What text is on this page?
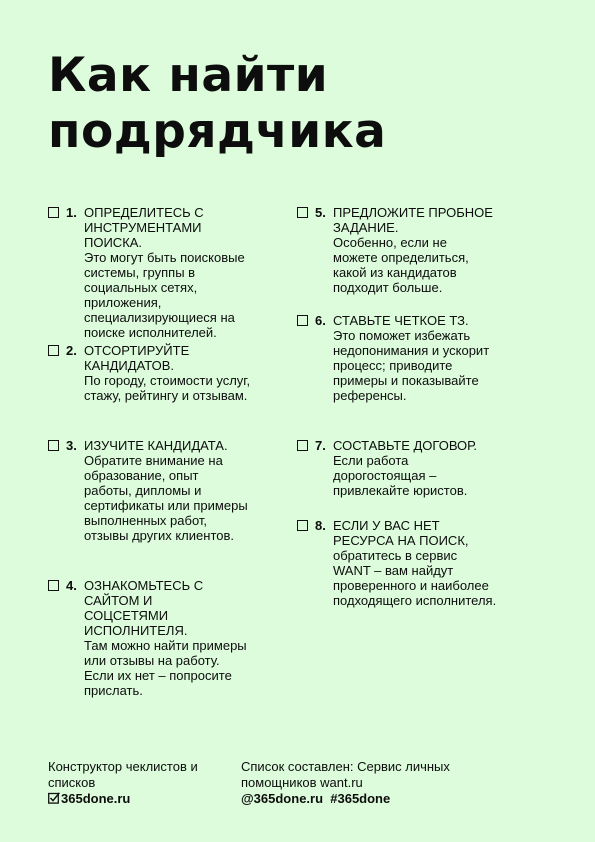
Как найти
подрядчика
1. ОПРЕДЕЛИТЕСЬ С ИНСТРУМЕНТАМИ ПОИСКА.
Это могут быть поисковые системы, группы в социальных сетях, приложения, специализирующиеся на поиске исполнителей.
2. ОТСОРТИРУЙТЕ КАНДИДАТОВ.
По городу, стоимости услуг, стажу, рейтингу и отзывам.
3. ИЗУЧИТЕ КАНДИДАТА.
Обратите внимание на образование, опыт работы, дипломы и сертификаты или примеры выполненных работ, отзывы других клиентов.
4. ОЗНАКОМЬТЕСЬ С САЙТОМ И СОЦСЕТЯМИ ИСПОЛНИТЕЛЯ.
Там можно найти примеры или отзывы на работу. Если их нет – попросите прислать.
5. ПРЕДЛОЖИТЕ ПРОБНОЕ ЗАДАНИЕ.
Особенно, если не можете определиться, какой из кандидатов подходит больше.
6. СТАВЬТЕ ЧЕТКОЕ ТЗ.
Это поможет избежать недопонимания и ускорит процесс; приводите примеры и показывайте референсы.
7. СОСТАВЬТЕ ДОГОВОР.
Если работа дорогостоящая – привлекайте юристов.
8. ЕСЛИ У ВАС НЕТ РЕСУРСА НА ПОИСК,
обратитесь в сервис WANT – вам найдут проверенного и наиболее подходящего исполнителя.
Конструктор чеклистов и списков
365done.ru
Список составлен: Сервис личных помощников want.ru
@365done.ru  #365done
